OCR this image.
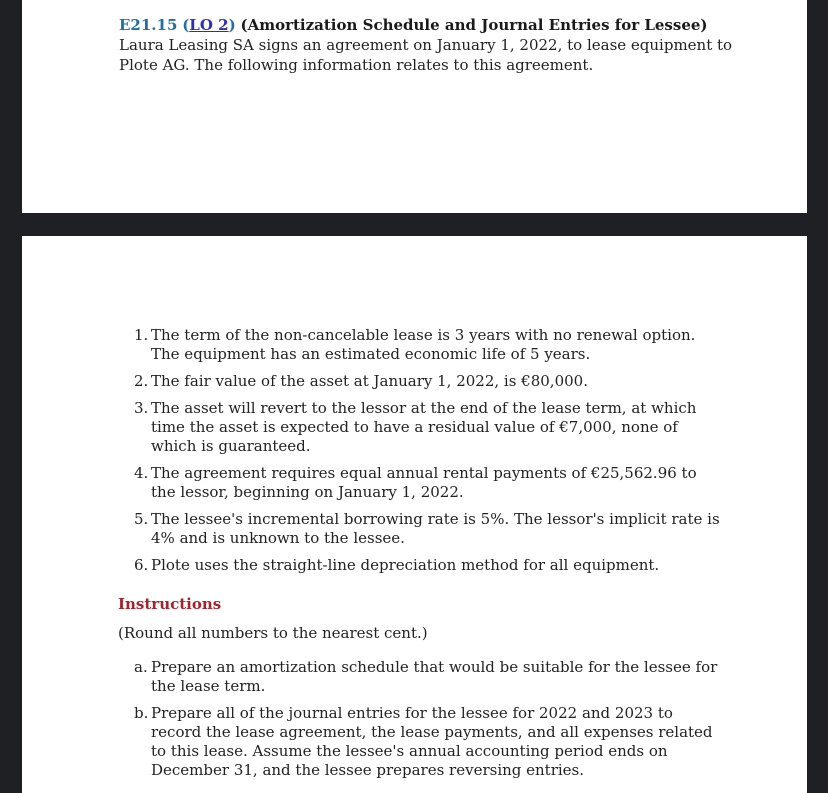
E21.15 (LO 2) (Amortization Schedule and Journal Entries for Lessee)
Laura Leasing SA signs an agreement on January 1, 2022, to lease equipment to
Plote AG. The following information relates to this agreement.
1. The term of the non-cancelable lease is 3 years with no renewal option. The equipment has an estimated economic life of 5 years.
2. The fair value of the asset at January 1, 2022, is €80,000.
3. The asset will revert to the lessor at the end of the lease term, at which time the asset is expected to have a residual value of €7,000, none of which is guaranteed.
4. The agreement requires equal annual rental payments of €25,562.96 to the lessor, beginning on January 1, 2022.
5. The lessee's incremental borrowing rate is 5%. The lessor's implicit rate is 4% and is unknown to the lessee.
6. Plote uses the straight-line depreciation method for all equipment.
Instructions
(Round all numbers to the nearest cent.)
a. Prepare an amortization schedule that would be suitable for the lessee for the lease term.
b. Prepare all of the journal entries for the lessee for 2022 and 2023 to record the lease agreement, the lease payments, and all expenses related to this lease. Assume the lessee's annual accounting period ends on December 31, and the lessee prepares reversing entries.
